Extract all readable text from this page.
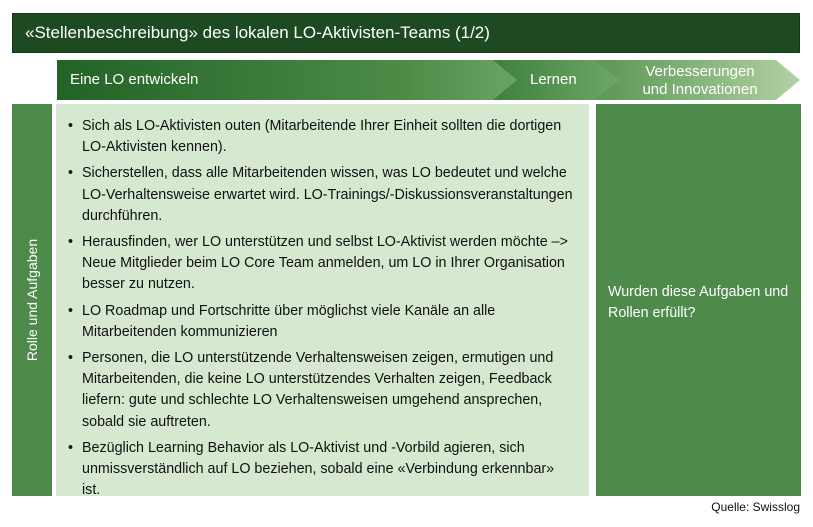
«Stellenbeschreibung» des lokalen LO-Aktivisten-Teams (1/2)
Eine LO entwickeln	Lernen	Verbesserungen
und Innovationen
Rolle und Aufgaben
• Sich als LO-Aktivisten outen (Mitarbeitende Ihrer Einheit sollten die dortigen LO-Aktivisten kennen).
• Sicherstellen, dass alle Mitarbeitenden wissen, was LO bedeutet und welche LO-Verhaltensweise erwartet wird. LO-Trainings/-Diskussionsveranstaltungen durchführen.
• Herausfinden, wer LO unterstützen und selbst LO-Aktivist werden möchte –> Neue Mitglieder beim LO Core Team anmelden, um LO in Ihrer Organisation besser zu nutzen.
• LO Roadmap und Fortschritte über möglichst viele Kanäle an alle Mitarbeitenden kommunizieren
• Personen, die LO unterstützende Verhaltensweisen zeigen, ermutigen und Mitarbeitenden, die keine LO unterstützendes Verhalten zeigen, Feedback liefern: gute und schlechte LO Verhaltensweisen umgehend ansprechen, sobald sie auftreten.
• Bezüglich Learning Behavior als LO-Aktivist und -Vorbild agieren, sich unmissverständlich auf LO beziehen, sobald eine «Verbindung erkennbar» ist.

Wurden diese Aufgaben und Rollen erfüllt?

Quelle: Swisslog
